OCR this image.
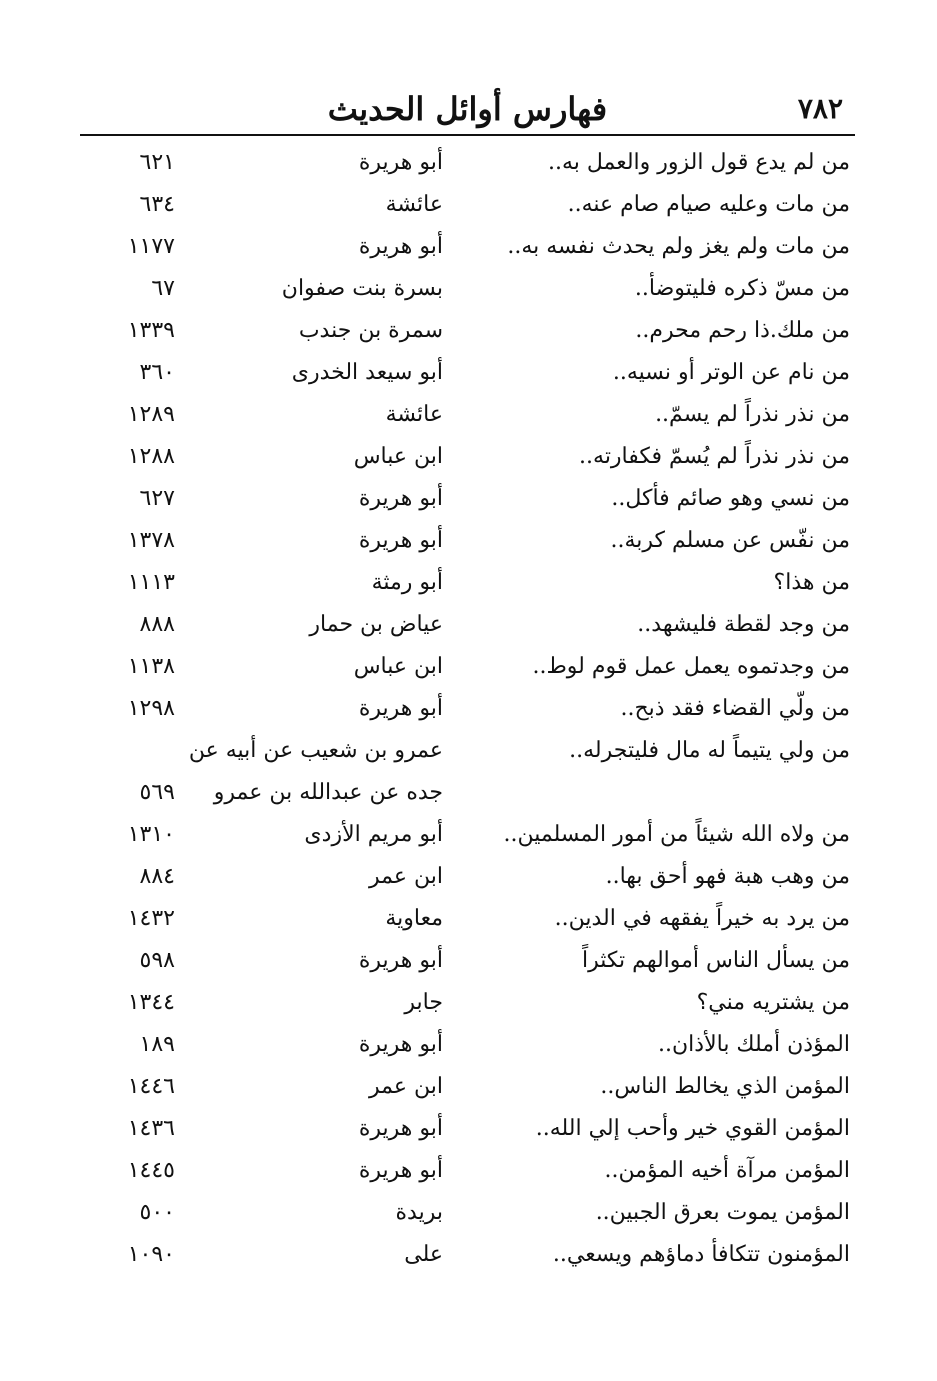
٧٨٢
فهارس أوائل الحديث
من لم يدع قول الزور والعمل به..
أبو هريرة
٦٢١
من مات وعليه صيام صام عنه..
عائشة
٦٣٤
من مات ولم يغز ولم يحدث نفسه به..
أبو هريرة
١١٧٧
من مسّ ذكره فليتوضأ..
بسرة بنت صفوان
٦٧
من ملك.ذا رحم محرم..
سمرة بن جندب
١٣٣٩
من نام عن الوتر أو نسيه..
أبو سيعد الخدرى
٣٦٠
من نذر نذراً لم يسمّ..
عائشة
١٢٨٩
من نذر نذراً لم يُسمّ فكفارته..
ابن عباس
١٢٨٨
من نسي وهو صائم فأكل..
أبو هريرة
٦٢٧
من نفّس عن مسلم كربة..
أبو هريرة
١٣٧٨
من هذا؟
أبو رمثة
١١١٣
من وجد لقطة فليشهد..
عياض بن حمار
٨٨٨
من وجدتموه يعمل عمل قوم لوط..
ابن عباس
١١٣٨
من ولّي القضاء فقد ذبح..
أبو هريرة
١٢٩٨
من ولي يتيماً له مال فليتجرله..
عمرو بن شعيب عن أبيه عن
جده عن عبدالله بن عمرو
٥٦٩
من ولاه الله شيئاً من أمور المسلمين..
أبو مريم الأزدى
١٣١٠
من وهب هبة فهو أحق بها..
ابن عمر
٨٨٤
من يرد به خيراً يفقهه في الدين..
معاوية
١٤٣٢
من يسأل الناس أموالهم تكثراً
أبو هريرة
٥٩٨
من يشتريه مني؟
جابر
١٣٤٤
المؤذن أملك بالأذان..
أبو هريرة
١٨٩
المؤمن الذي يخالط الناس..
ابن عمر
١٤٤٦
المؤمن القوي خير وأحب إلي الله..
أبو هريرة
١٤٣٦
المؤمن مرآة أخيه المؤمن..
أبو هريرة
١٤٤٥
المؤمن يموت بعرق الجبين..
بريدة
٥٠٠
المؤمنون تتكافأ دماؤهم ويسعي..
على
١٠٩٠
